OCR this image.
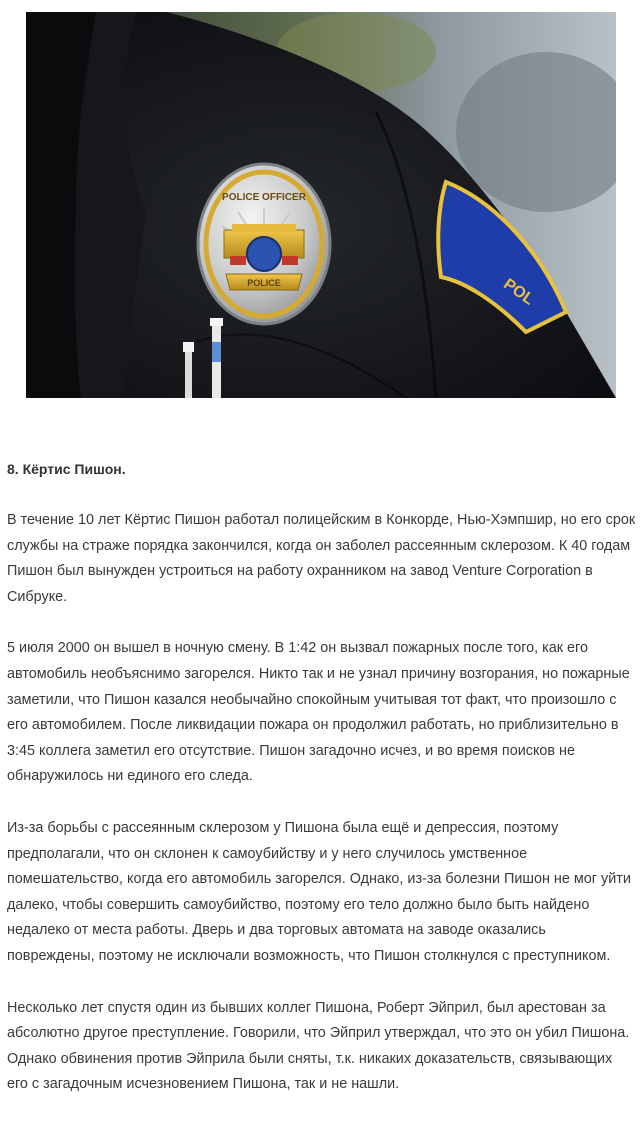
POL
POLICE OFFICER
POLICE
8. Кёртис Пишон.

В течение 10 лет Кёртис Пишон работал полицейским в Конкорде, Нью-Хэмпшир, но его срок службы на страже порядка закончился, когда он заболел рассеянным склерозом. К 40 годам Пишон был вынужден устроиться на работу охранником на завод Venture Corporation в Сибруке.

5 июля 2000 он вышел в ночную смену. В 1:42 он вызвал пожарных после того, как его автомобиль необъяснимо загорелся. Никто так и не узнал причину возгорания, но пожарные заметили, что Пишон казался необычайно спокойным учитывая тот факт, что произошло с его автомобилем. После ликвидации пожара он продолжил работать, но приблизительно в 3:45 коллега заметил его отсутствие. Пишон загадочно исчез, и во время поисков не обнаружилось ни единого его следа.

Из-за борьбы с рассеянным склерозом у Пишона была ещё и депрессия, поэтому предполагали, что он склонен к самоубийству и у него случилось умственное помешательство, когда его автомобиль загорелся. Однако, из-за болезни Пишон не мог уйти далеко, чтобы совершить самоубийство, поэтому его тело должно было быть найдено недалеко от места работы. Дверь и два торговых автомата на заводе оказались повреждены, поэтому не исключали возможность, что Пишон столкнулся с преступником.

Несколько лет спустя один из бывших коллег Пишона, Роберт Эйприл, был арестован за абсолютно другое преступление. Говорили, что Эйприл утверждал, что это он убил Пишона. Однако обвинения против Эйприла были сняты, т.к. никаких доказательств, связывающих его с загадочным исчезновением Пишона, так и не нашли.
